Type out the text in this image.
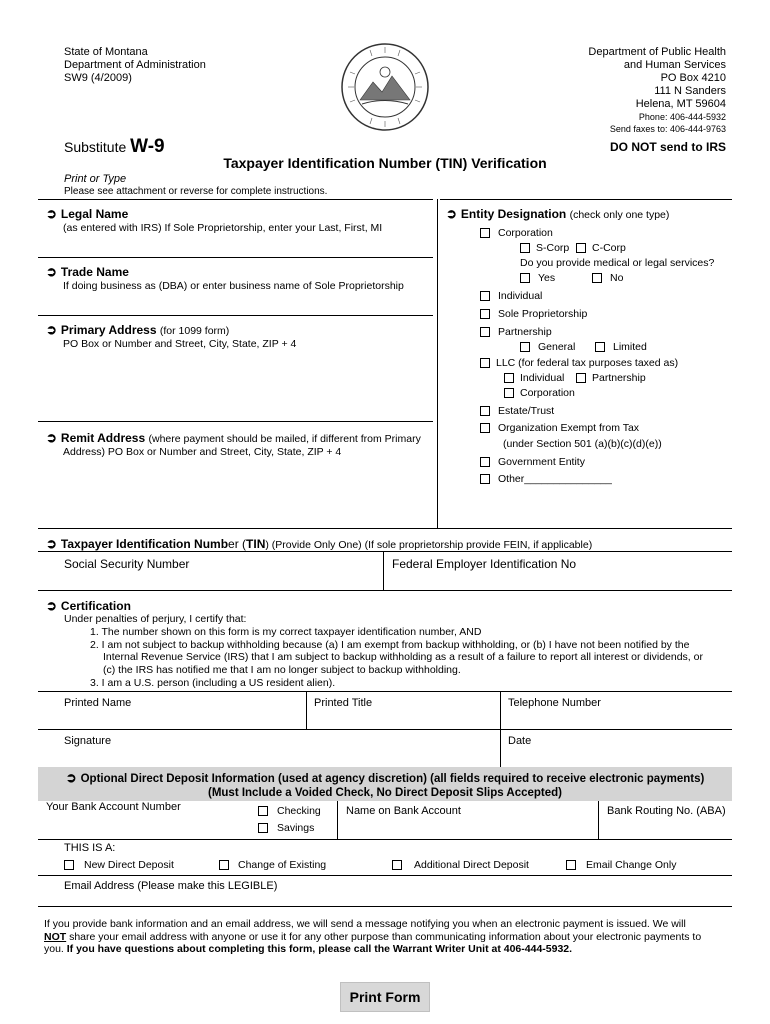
State of Montana
Department of Administration
SW9 (4/2009)
Department of Public Health
and Human Services
PO Box 4210
111 N Sanders
Helena, MT 59604
Phone: 406-444-5932
Send faxes to: 406-444-9763
Substitute W-9	DO NOT send to IRS
Taxpayer Identification Number (TIN) Verification
Print or Type
Please see attachment or reverse for complete instructions.
➲ Legal Name
(as entered with IRS) If Sole Proprietorship, enter your Last, First, MI
➲ Trade Name
If doing business as (DBA) or enter business name of Sole Proprietorship
➲ Primary Address (for 1099 form)
PO Box or Number and Street, City, State, ZIP + 4
➲ Remit Address (where payment should be mailed, if different from Primary
Address) PO Box or Number and Street, City, State, ZIP + 4
➲ Entity Designation (check only one type)
Corporation
S-Corp	C-Corp
Do you provide medical or legal services?
Yes	No
Individual
Sole Proprietorship
Partnership
General	Limited
LLC (for federal tax purposes taxed as)
Individual	Partnership
Corporation
Estate/Trust
Organization Exempt from Tax
(under Section 501 (a)(b)(c)(d)(e))
Government Entity
Other_______________
➲ Taxpayer Identification Number (TIN) (Provide Only One) (If sole proprietorship provide FEIN, if applicable)
Social Security Number	Federal Employer Identification No
➲ Certification
Under penalties of perjury, I certify that:
1. The number shown on this form is my correct taxpayer identification number, AND
2. I am not subject to backup withholding because (a) I am exempt from backup withholding, or (b) I have not been notified by the
Internal Revenue Service (IRS) that I am subject to backup withholding as a result of a failure to report all interest or dividends, or
(c) the IRS has notified me that I am no longer subject to backup withholding.
3. I am a U.S. person (including a US resident alien).
Printed Name	Printed Title	Telephone Number
Signature	Date
➲ Optional Direct Deposit Information (used at agency discretion) (all fields required to receive electronic payments)
(Must Include a Voided Check, No Direct Deposit Slips Accepted)
Your Bank Account Number	Checking
Savings
Name on Bank Account	Bank Routing No. (ABA)
THIS IS A:
New Direct Deposit	Change of Existing	Additional Direct Deposit	Email Change Only
Email Address (Please make this LEGIBLE)
If you provide bank information and an email address, we will send a message notifying you when an electronic payment is issued. We will
NOT share your email address with anyone or use it for any other purpose than communicating information about your electronic payments to
you. If you have questions about completing this form, please call the Warrant Writer Unit at 406-444-5932.
Print Form
